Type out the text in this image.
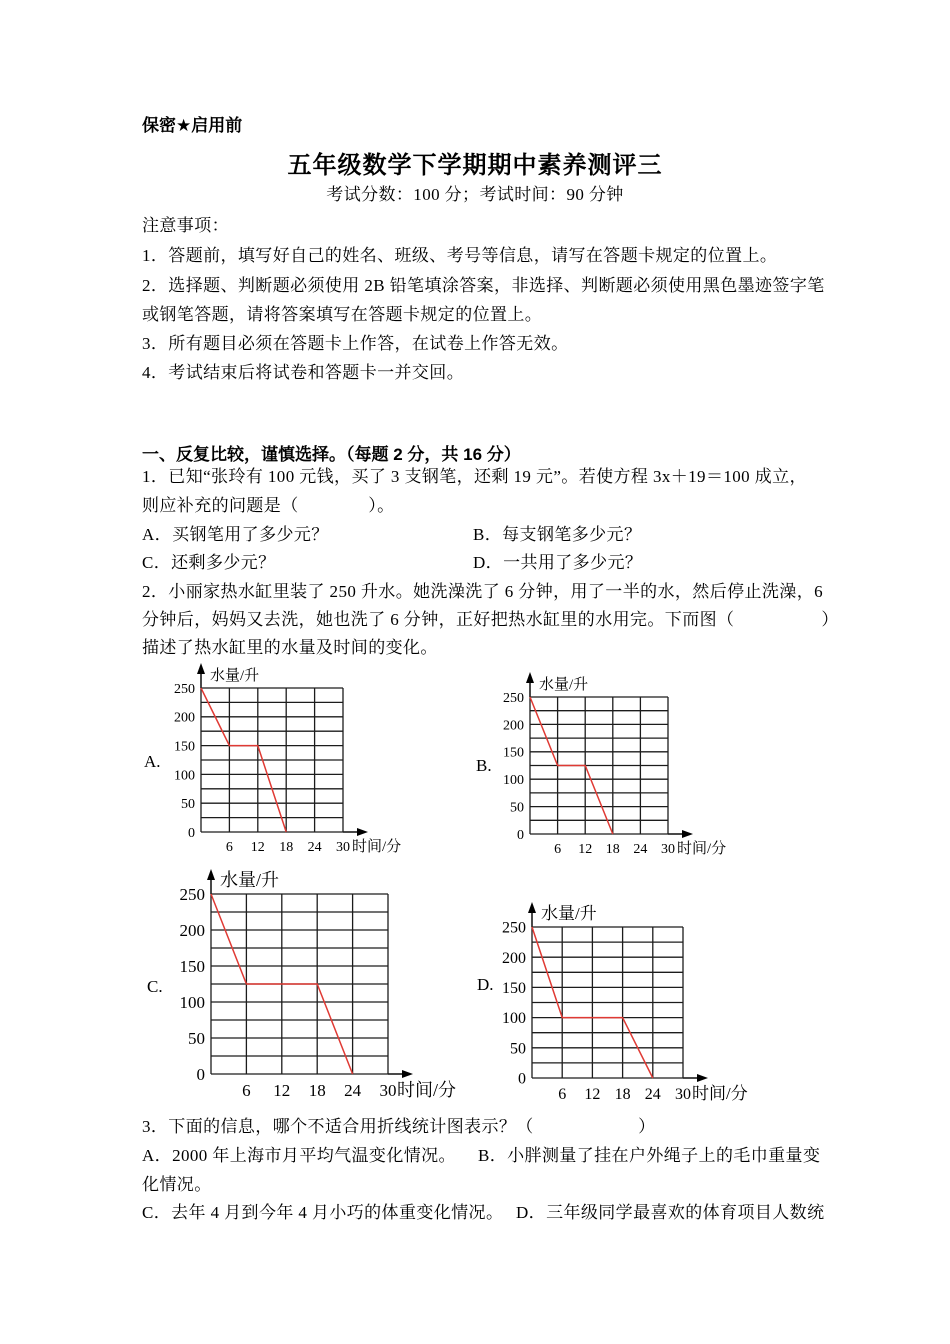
保密★启用前
五年级数学下学期期中素养测评三
考试分数：100 分；考试时间：90 分钟
注意事项：
1．答题前，填写好自己的姓名、班级、考号等信息，请写在答题卡规定的位置上。
2．选择题、判断题必须使用 2B 铅笔填涂答案，非选择、判断题必须使用黑色墨迹签字笔
或钢笔答题，请将答案填写在答题卡规定的位置上。
3．所有题目必须在答题卡上作答，在试卷上作答无效。
4．考试结束后将试卷和答题卡一并交回。
一、反复比较，谨慎选择。（每题 2 分，共 16 分）
1．已知“张玲有 100 元钱，买了 3 支钢笔，还剩 19 元”。若使方程 3x＋19＝100 成立，
则应补充的问题是（　　　　）。
A．买钢笔用了多少元？	B．每支钢笔多少元？
C．还剩多少元？	D．一共用了多少元？
2．小丽家热水缸里装了 250 升水。她洗澡洗了 6 分钟，用了一半的水，然后停止洗澡，6
分钟后，妈妈又去洗，她也洗了 6 分钟，正好把热水缸里的水用完。下而图（　　　　　）
描述了热水缸里的水量及时间的变化。
A.
0
50
100
150
200
250
6 12 18 24 30
水量/升
时间/分
B.
0
50
100
150
200
250
6 12 18 24 30
水量/升
时间/分
C.
0
50
100
150
200
250
6 12 18 24 30
水量/升
时间/分
D.
0
50
100
150
200
250
6 12 18 24 30
水量/升
时间/分
3．下面的信息，哪个不适合用折线统计图表示？（　　　　　　）
A．2000 年上海市月平均气温变化情况。 B．小胖测量了挂在户外绳子上的毛巾重量变
化情况。
C．去年 4 月到今年 4 月小巧的体重变化情况。 D．三年级同学最喜欢的体育项目人数统
